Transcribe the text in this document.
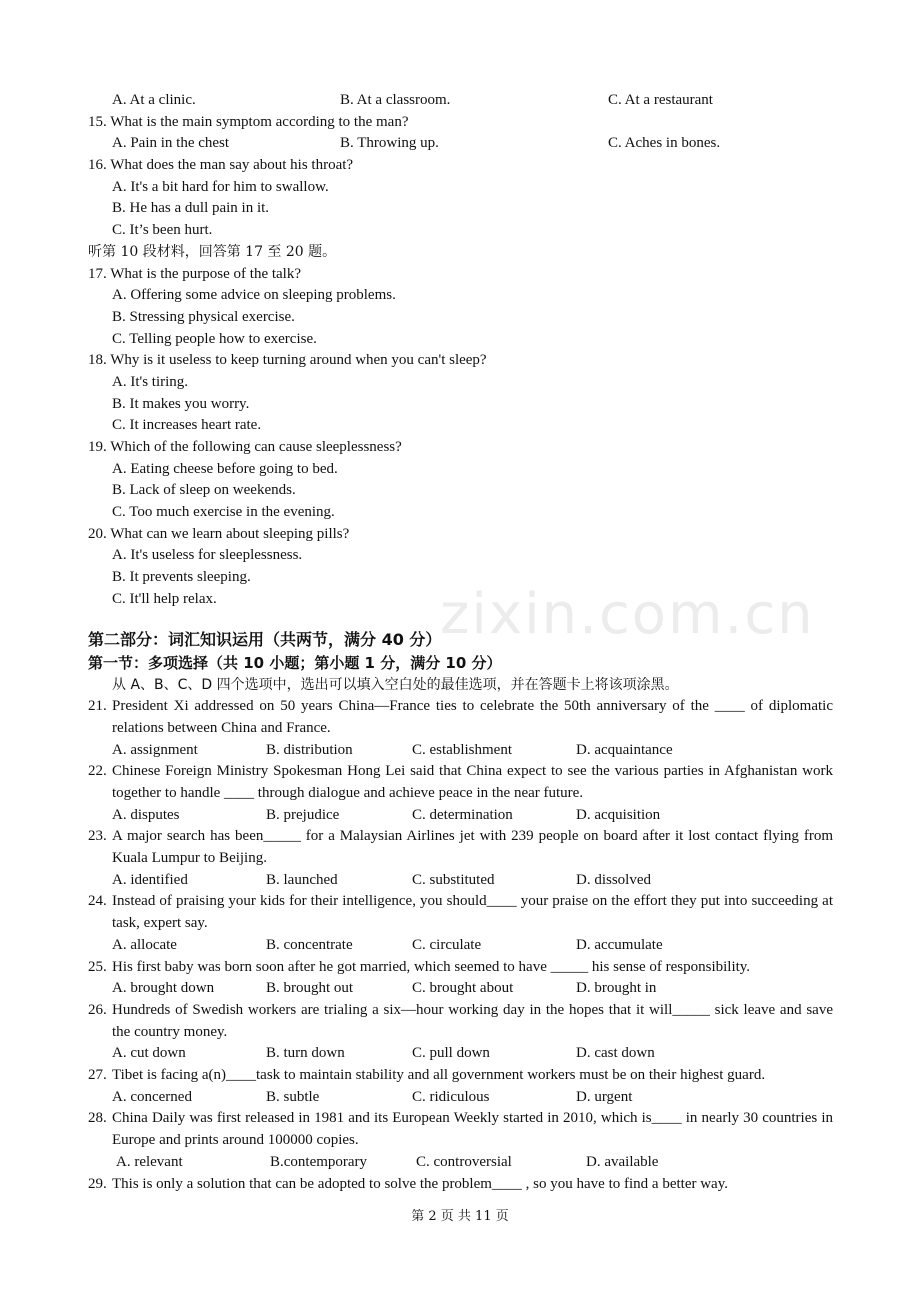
zixin.com.cn
A. At a clinic.	B. At a classroom.	C. At a restaurant
15. What is the main symptom according to the man?
A. Pain in the chest	B. Throwing up.	C. Aches in bones.
16. What does the man say about his throat?
A. It's a bit hard for him to swallow.
B. He has a dull pain in it.
C. It’s been hurt.
听第 10 段材料，回答第 17 至 20 题。
17. What is the purpose of the talk?
A. Offering some advice on sleeping problems.
B. Stressing physical exercise.
C. Telling people how to exercise.
18. Why is it useless to keep turning around when you can't sleep?
A. It's tiring.
B. It makes you worry.
C. It increases heart rate.
19. Which of the following can cause sleeplessness?
A. Eating cheese before going to bed.
B. Lack of sleep on weekends.
C. Too much exercise in the evening.
20. What can we learn about sleeping pills?
A. It's useless for sleeplessness.
B. It prevents sleeping.
C. It'll help relax.
第二部分：词汇知识运用（共两节，满分 40 分）
第一节：多项选择（共 10 小题；第小题 1 分，满分 10 分）
从 A、B、C、D 四个选项中，选出可以填入空白处的最佳选项，并在答题卡上将该项涂黑。
21. President Xi addressed on 50 years China—France ties to celebrate the 50th anniversary of the ____ of diplomatic relations between China and France.
A. assignment	B. distribution	C. establishment	D. acquaintance
22. Chinese Foreign Ministry Spokesman Hong Lei said that China expect to see the various parties in Afghanistan work together to handle ____ through dialogue and achieve peace in the near future.
A. disputes	B. prejudice	C. determination	D. acquisition
23. A major search has been_____ for a Malaysian Airlines jet with 239 people on board after it lost contact flying from Kuala Lumpur to Beijing.
A. identified	B. launched	C. substituted	D. dissolved
24. Instead of praising your kids for their intelligence, you should____ your praise on the effort they put into succeeding at task, expert say.
A. allocate	B. concentrate	C. circulate	D. accumulate
25. His first baby was born soon after he got married, which seemed to have _____ his sense of responsibility.
A. brought down	B. brought out	C. brought about	D. brought in
26. Hundreds of Swedish workers are trialing a six—hour working day in the hopes that it will_____ sick leave and save the country money.
A. cut down	B. turn down	C. pull down	D. cast down
27. Tibet is facing a(n)____task to maintain stability and all government workers must be on their highest guard.
A. concerned	B. subtle	C. ridiculous	D. urgent
28. China Daily was first released in 1981 and its European Weekly started in 2010, which is____ in nearly 30 countries in Europe and prints around 100000 copies.
A. relevant	B.contemporary	C. controversial	D. available
29. This is only a solution that can be adopted to solve the problem____ , so you have to find a better way.
第 2 页 共 11 页
